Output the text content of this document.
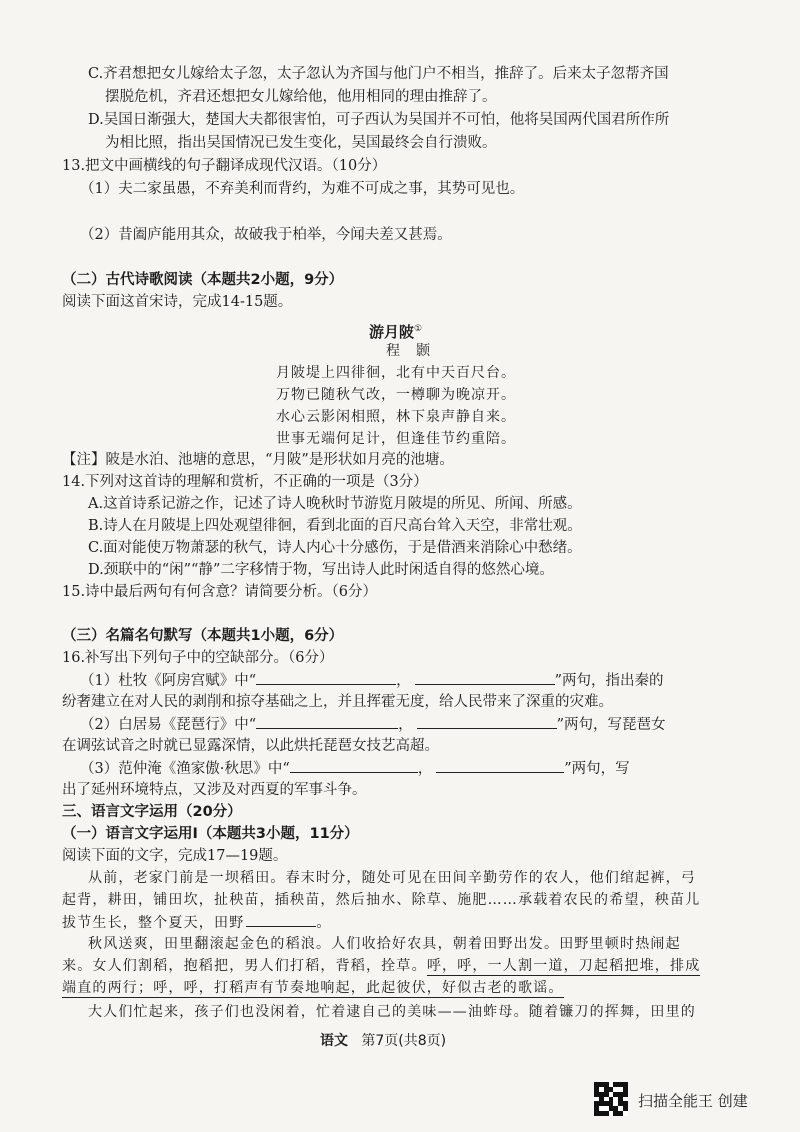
C.齐君想把女儿嫁给太子忽，太子忽认为齐国与他门户不相当，推辞了。后来太子忽帮齐国
摆脱危机，齐君还想把女儿嫁给他，他用相同的理由推辞了。
D.吴国日渐强大，楚国大夫都很害怕，可子西认为吴国并不可怕，他将吴国两代国君所作所
为相比照，指出吴国情况已发生变化，吴国最终会自行溃败。
13.把文中画横线的句子翻译成现代汉语。（10分）
（1）夫二家虽愚，不弃美利而背约，为难不可成之事，其势可见也。
（2）昔阖庐能用其众，故破我于柏举，今闻夫差又甚焉。
（二）古代诗歌阅读（本题共2小题，9分）
阅读下面这首宋诗，完成14-15题。
游月陂①
程　颢
月陂堤上四徘徊，北有中天百尺台。
万物已随秋气改，一樽聊为晚凉开。
水心云影闲相照，林下泉声静自来。
世事无端何足计，但逢佳节约重陪。
【注】陂是水泊、池塘的意思，“月陂”是形状如月亮的池塘。
14.下列对这首诗的理解和赏析，不正确的一项是（3分）
A.这首诗系记游之作，记述了诗人晚秋时节游览月陂堤的所见、所闻、所感。
B.诗人在月陂堤上四处观望徘徊，看到北面的百尺高台耸入天空，非常壮观。
C.面对能使万物萧瑟的秋气，诗人内心十分感伤，于是借酒来消除心中愁绪。
D.颈联中的“闲”“静”二字移情于物，写出诗人此时闲适自得的悠然心境。
15.诗中最后两句有何含意？请简要分析。（6分）
（三）名篇名句默写（本题共1小题，6分）
16.补写出下列句子中的空缺部分。（6分）
（1）杜牧《阿房宫赋》中“	，	”两句，指出秦的
纷奢建立在对人民的剥削和掠夺基础之上，并且挥霍无度，给人民带来了深重的灾难。
（2）白居易《琵琶行》中“	，	”两句，写琵琶女
在调弦试音之时就已显露深情，以此烘托琵琶女技艺高超。
（3）范仲淹《渔家傲·秋思》中“	，	”两句，写
出了延州环境特点，又涉及对西夏的军事斗争。
三、语言文字运用（20分）
（一）语言文字运用Ⅰ（本题共3小题，11分）
阅读下面的文字，完成17—19题。
从前，老家门前是一坝稻田。春末时分，随处可见在田间辛勤劳作的农人，他们绾起裤，弓
起背，耕田，铺田坎，扯秧苗，插秧苗，然后抽水、除草、施肥……承载着农民的希望，秧苗儿
拔节生长，整个夏天，田野	。
秋风送爽，田里翻滚起金色的稻浪。人们收拾好农具，朝着田野出发。田野里顿时热闹起
来。女人们割稻，抱稻把，男人们打稻，背稻，拴草。呼，呼，一人割一道，刀起稻把堆，排成
端直的两行；呼，呼，打稻声有节奏地响起，此起彼伏，好似古老的歌谣。
大人们忙起来，孩子们也没闲着，忙着逮自己的美味——油蚱母。随着镰刀的挥舞，田里的
语文 第7页(共8页)
扫描全能王 创建
